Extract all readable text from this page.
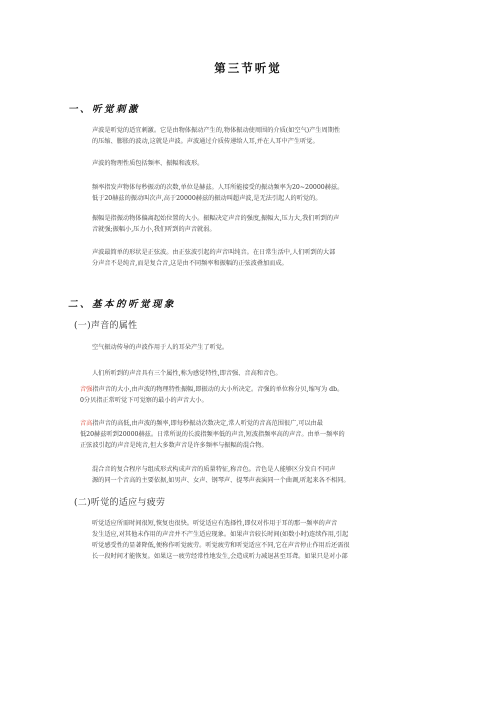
第三节听觉
一、听觉刺激
声波是听觉的适宜刺激。它是由物体振动产生的,物体振动使周围的介质(如空气)产生周期性
的压缩、膨胀的波动,这就是声波。声波通过介质传递给人耳,并在人耳中产生听觉。
声波的物理性质包括频率、振幅和波形。
频率指发声物体每秒振动的次数,单位是赫兹。人耳所能接受的振动频率为20~20000赫兹。
低于20赫兹的振动叫次声,高于20000赫兹的振动叫超声波,是无法引起人的听觉的。
振幅是指振动物体偏离起始位置的大小。振幅决定声音的强度,振幅大,压力大,我们听到的声
音就强;振幅小,压力小,我们听到的声音就弱。
声波最简单的形状是正弦波。由正弦波引起的声音叫纯音。在日常生活中,人们听到的大部
分声音不是纯音,而是复合音,这是由不同频率和振幅的正弦波叠加而成。
二、基本的听觉现象
(一)声音的属性
空气振动传导的声波作用于人的耳朵产生了听觉。
人们所听到的声音具有三个属性,称为感觉特性,即音强、音高和音色。
音强指声音的大小,由声波的物理特性振幅,即振动的大小所决定。音强的单位称分贝,缩写为 db。
0分贝指正常听觉下可觉察的最小的声音大小。
音高指声音的高低,由声波的频率,即每秒振动次数决定,常人听觉的音高范围很广,可以由最
低20赫兹听到20000赫兹。日常所说的长波指频率低的声音,短波指频率高的声音。由单一频率的
正弦波引起的声音是纯音,但大多数声音是许多频率与振幅的混合物。
混合音的复合程序与组成形式构成声音的质量特征,称音色。音色是人能够区分发自不同声
源的同一个音高的主要依据,如男声、女声、钢琴声、提琴声表演同一个曲调,听起来各不相同。
(二)听觉的适应与疲劳
听觉适应所需时间很短,恢复也很快。听觉适应有选择性,即仅对作用于耳的那一频率的声音
发生适应,对其他未作用的声音并不产生适应现象。如果声音较长时间(如数小时)连续作用,引起
听觉感受性的显著降低,便称作听觉疲劳。听觉疲劳和听觉适应不同,它在声音停止作用后还需很
长一段时间才能恢复。如果这一疲劳经常性地发生,会造成听力减退甚至耳聋。如果只是对小部
